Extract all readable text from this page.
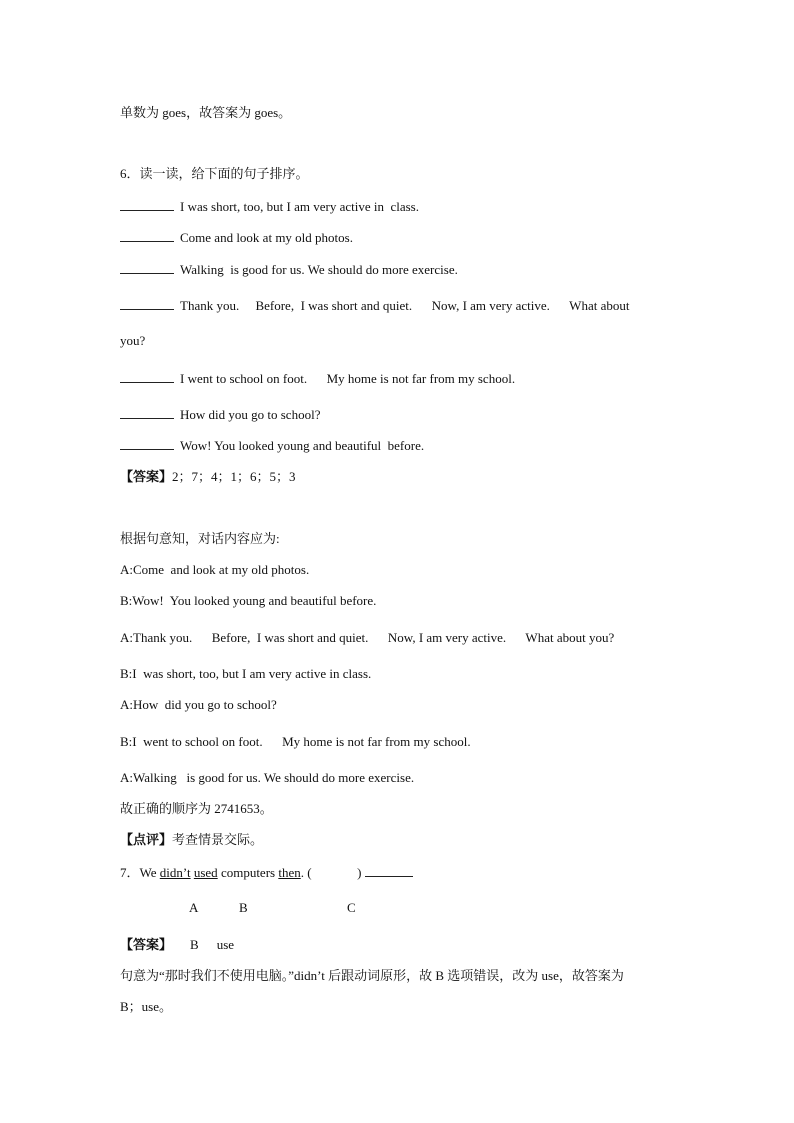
单数为 goes，故答案为 goes。
6．读一读，给下面的句子排序。
I was short, too, but I am very active in  class.
Come and look at my old photos.
Walking  is good for us. We should do more exercise.
Thank you.     Before,  I was short and quiet.      Now, I am very active.      What about
you?
I went to school on foot.      My home is not far from my school.
How did you go to school?
Wow! You looked young and beautiful  before.
【答案】2；7；4；1；6；5；3
根据句意知，对话内容应为:
A:Come  and look at my old photos.
B:Wow!  You looked young and beautiful before.
A:Thank you.      Before,  I was short and quiet.      Now, I am very active.      What about you?
B:I  was short, too, but I am very active in class.
A:How  did you go to school?
B:I  went to school on foot.      My home is not far from my school.
A:Walking   is good for us. We should do more exercise.
故正确的顺序为 2741653。
【点评】考查情景交际。
7．We didn’t used computers then. (              )
A	B	C
【答案】 B use
句意为“那时我们不使用电脑。”didn’t 后跟动词原形，故 B 选项错误，改为 use，故答案为
B；use。
